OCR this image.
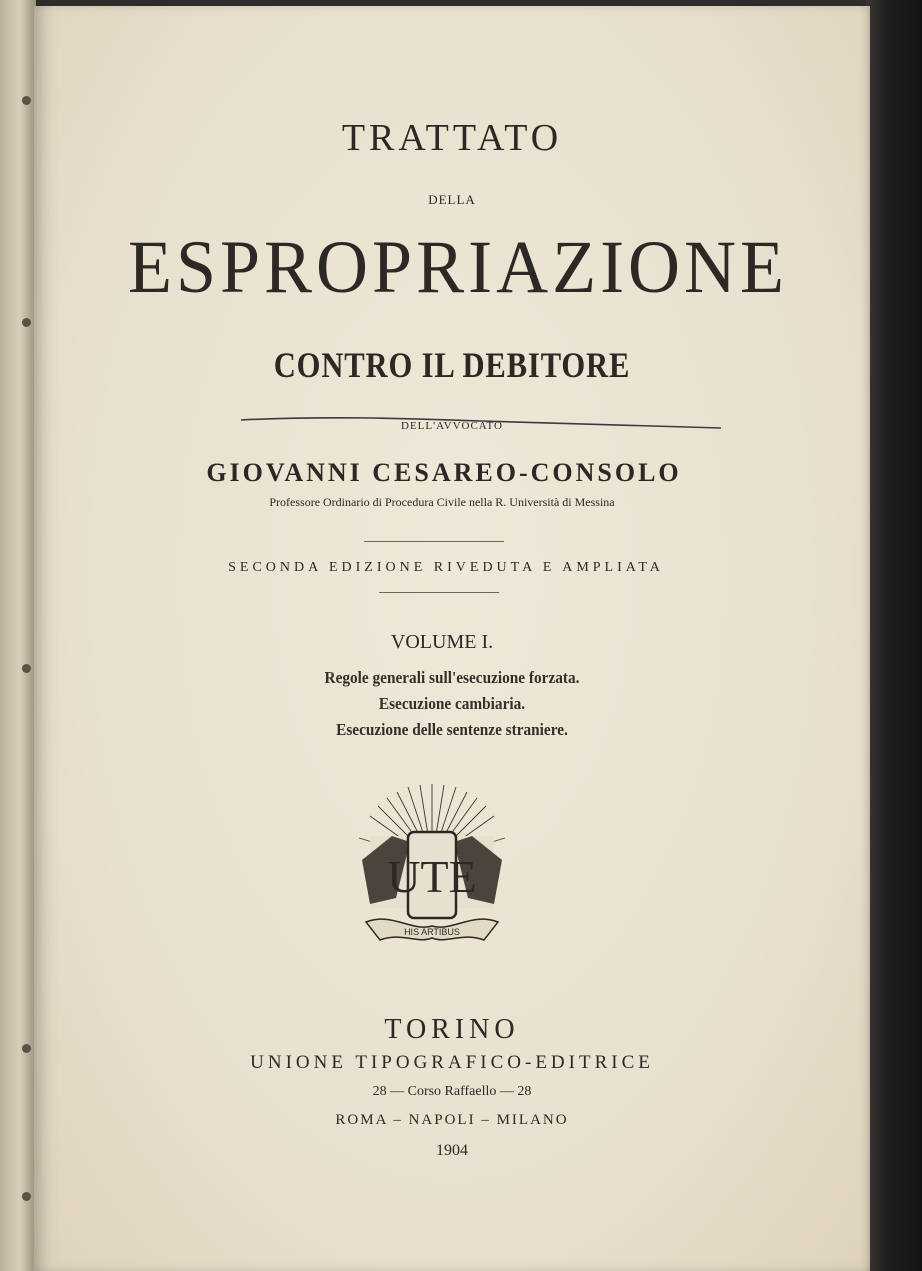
TRATTATO
DELLA
ESPROPRIAZIONE
CONTRO IL DEBITORE
DELL'AVVOCATO
GIOVANNI CESAREO-CONSOLO
Professore Ordinario di Procedura Civile nella R. Università di Messina
SECONDA EDIZIONE RIVEDUTA E AMPLIATA
VOLUME I.
Regole generali sull'esecuzione forzata.
Esecuzione cambiaria.
Esecuzione delle sentenze straniere.
UTE
HIS ARTIBUS
TORINO
UNIONE TIPOGRAFICO-EDITRICE
28 — Corso Raffaello — 28
ROMA – NAPOLI – MILANO
1904
